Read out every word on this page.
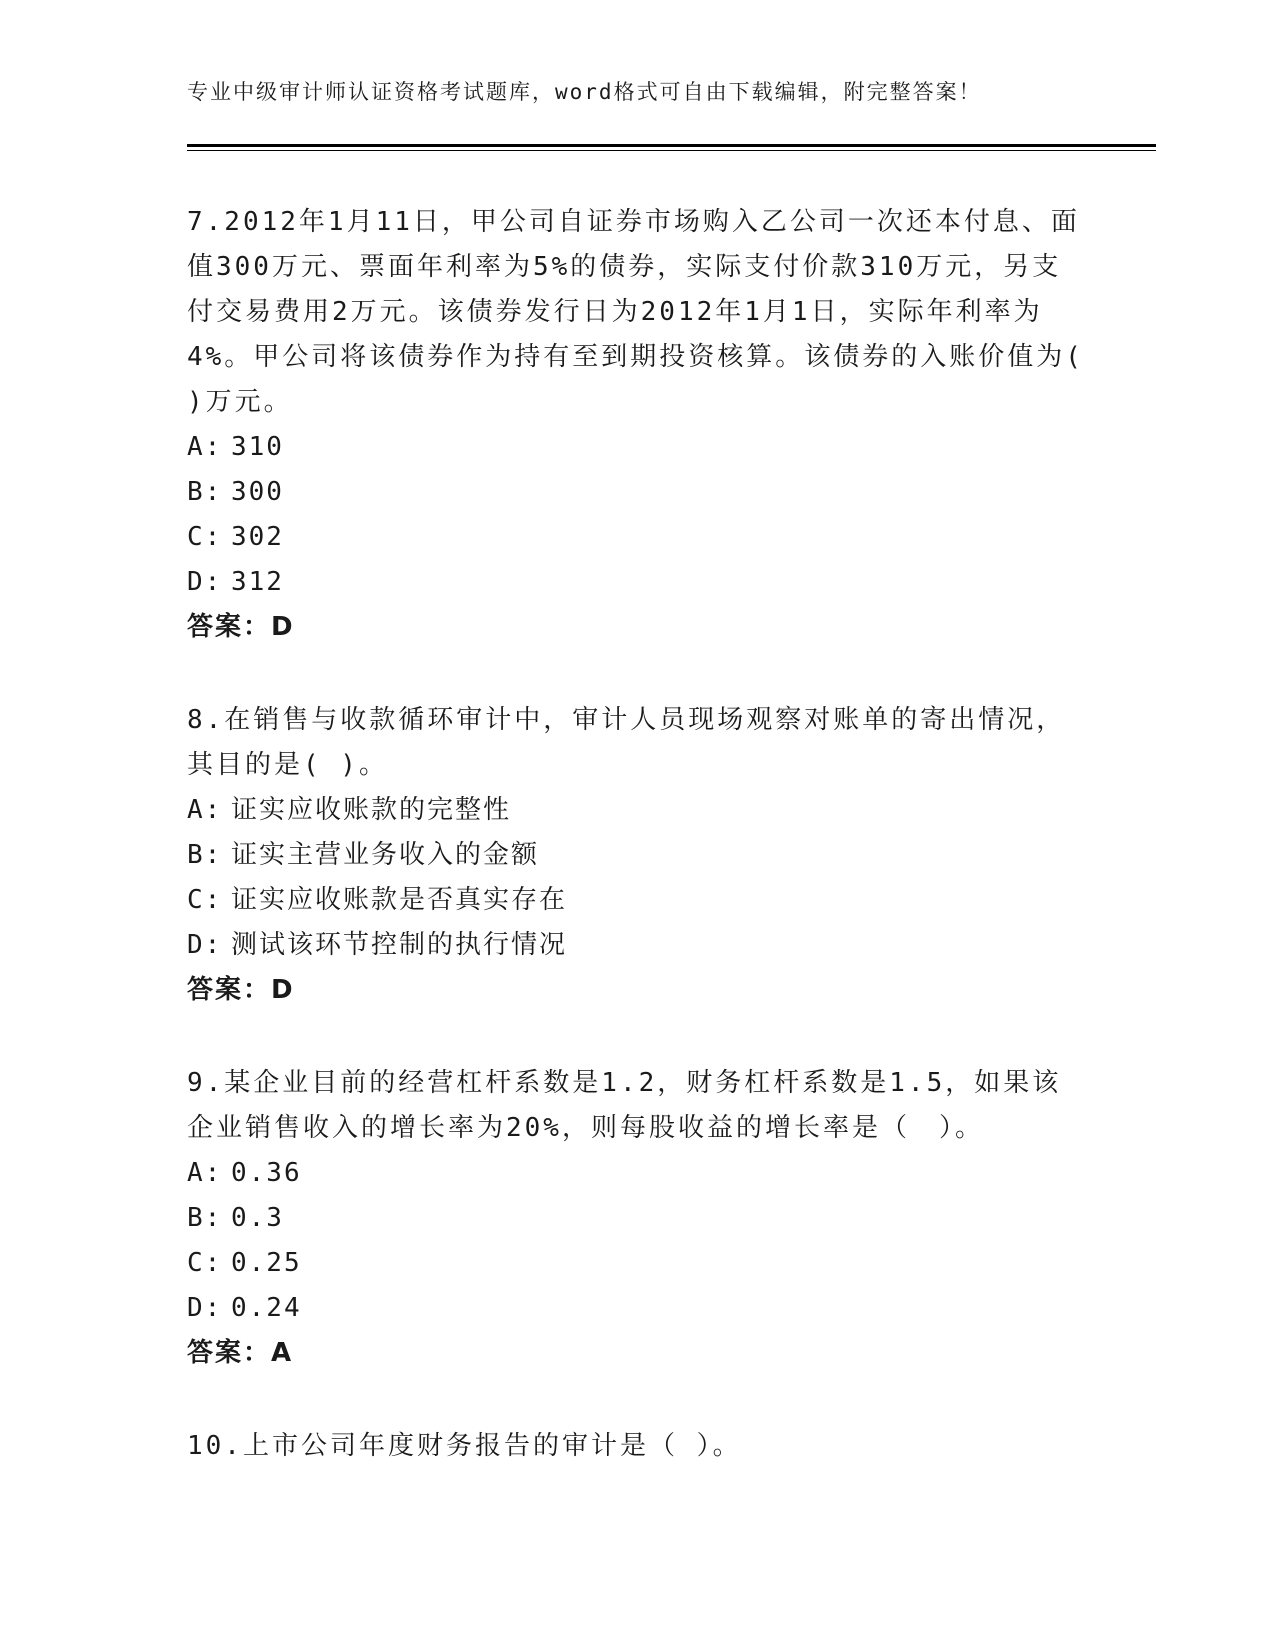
专业中级审计师认证资格考试题库，word格式可自由下载编辑，附完整答案！

7.2012年1月11日，甲公司自证券市场购入乙公司一次还本付息、面值300万元、票面年利率为5%的债券，实际支付价款310万元，另支付交易费用2万元。该债券发行日为2012年1月1日，实际年利率为4%。甲公司将该债券作为持有至到期投资核算。该债券的入账价值为( )万元。

A: 310

B: 300

C: 302

D: 312

答案：D

8.在销售与收款循环审计中，审计人员现场观察对账单的寄出情况，其目的是( )。

A: 证实应收账款的完整性

B: 证实主营业务收入的金额

C: 证实应收账款是否真实存在

D: 测试该环节控制的执行情况

答案：D

9.某企业目前的经营杠杆系数是1.2，财务杠杆系数是1.5，如果该企业销售收入的增长率为20%，则每股收益的增长率是（　）。

A: 0.36

B: 0.3

C: 0.25

D: 0.24

答案：A

10.上市公司年度财务报告的审计是（ ）。
